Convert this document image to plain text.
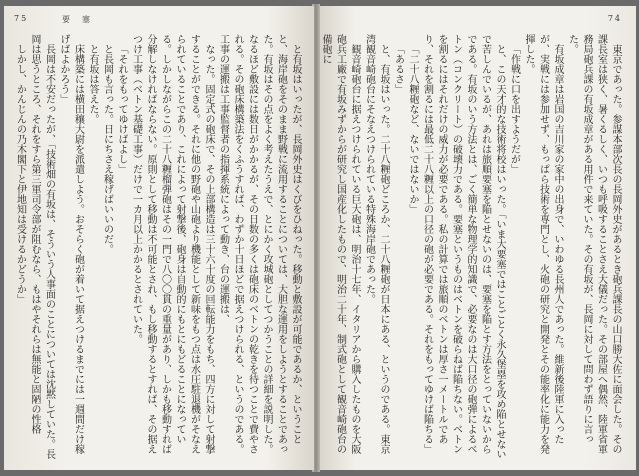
74

東京であった。参謀本部次長の長岡外史があるとき砲兵課長の山口勝大佐に面会した。その課長室は狭く、暑くるしく、いつも呼吸することさえ大儀だった。その部屋へ偶然、陸軍省軍務局砲兵課の有坂成章がある用件で来ていた。その有坂が、長岡に対して問わず語りに言った。

有坂成章は岩国の吉川家の家中の出身で、いわゆる長州人であった。維新後陸軍に入ったが、実戦には参加せず、もっぱら技術を専門とし、火砲の研究と開発とその能率化に能力を発揮した。

「作戦に口を出すようだが」

と、この天才的な技術将校はいった。「いま大要塞ではことごとく永久堡塁を攻め陥とせないで苦しんでいるが、あれは旅順要塞を陥とせないのは、要塞を陥とす方法をとっていないからである。有坂のいう方法とは、ごく簡単な物理学的知識で、必要なのは大口径の砲弾によるベトン（コンクリート）の破壊力である。要塞というものはベトンを破らねば陥ちない。ベトンを割るにはそれだけの威力が必要である。私の計算では旅順のベトンは厚さ一メートルであり、それを割るには最低二十八糎以上の口径の砲が必要である。それをもってゆけば陥ちる」

「二十八糎砲など、ないではないか」

「あるさ」

と、有坂はいった。二十八糎砲どころか、二十八糎砲が日本にある、というのである。東京湾観音崎砲台にそなえつけられている特殊海岸砲であった。

観音崎砲台に据えつけられている巨大砲は、明治十七年、イタリアから購入したものを大阪砲兵工廠で有坂みずからが研究し国産化したもので、明治二十年、制式砲として観音崎砲台の備砲に

75	要　塞

と有坂はいったが、長岡外史はくびをひねった。移動と敷設が可能であるか、ということと、海岸砲をそのまま野戦に流用することについては、大胆な運用をしようとすることであった。有坂はその点をよく考えたうえで、とにかく攻城砲としてつかうことの詳細を説明した。なるほど敷設には数日がかかるが、その日数の多くは砲床のベトンの乾きを待つことで費やされる。その砲床構築法をくふうすれば、わずか十日ほどで据えつけられる、というのである。工事の運搬は工事監督者の指揮系統によって動き、台の運搬は、

なった。固定式の砲床で、その上部構造は三十六十度の回転能力をもち、四方に対して射撃することができる。それに他の野砲や山砲より機能として新味をもつ点は水圧駐退機がそなえられていることであり、これによって射撃後、砲身は自動的にもとにもどることになっている。しかしながらこの二十八糎榴弾砲はその一門で八〇〇貫の重量があり、しかも移動すれば分解しなければならない。原則として移動は不可能とされ、もし移動するとすれば、その据えつけ工事（ベトン基礎工事）だけで一カ月以上かかるとされていた。

「それをもってゆけばよし」

と長岡も言った。日にちさえ稼げばいいのだ。

と有坂は答えた。

床構築には横田穰大尉を派遣しよう。おそらく砲が着いて据えつけるまでには一週間だけ稼げばよかろう」

長岡は不安だったが、「技術畑の有坂は、そういう人事面のことについては沈黙していた。長岡は思うところ、それをすら第三軍司令部が阻むなら、もはやそれらは無能と固陋の性格

しかし、かんじんの乃木閣下と伊地知は受けるかどうか」
